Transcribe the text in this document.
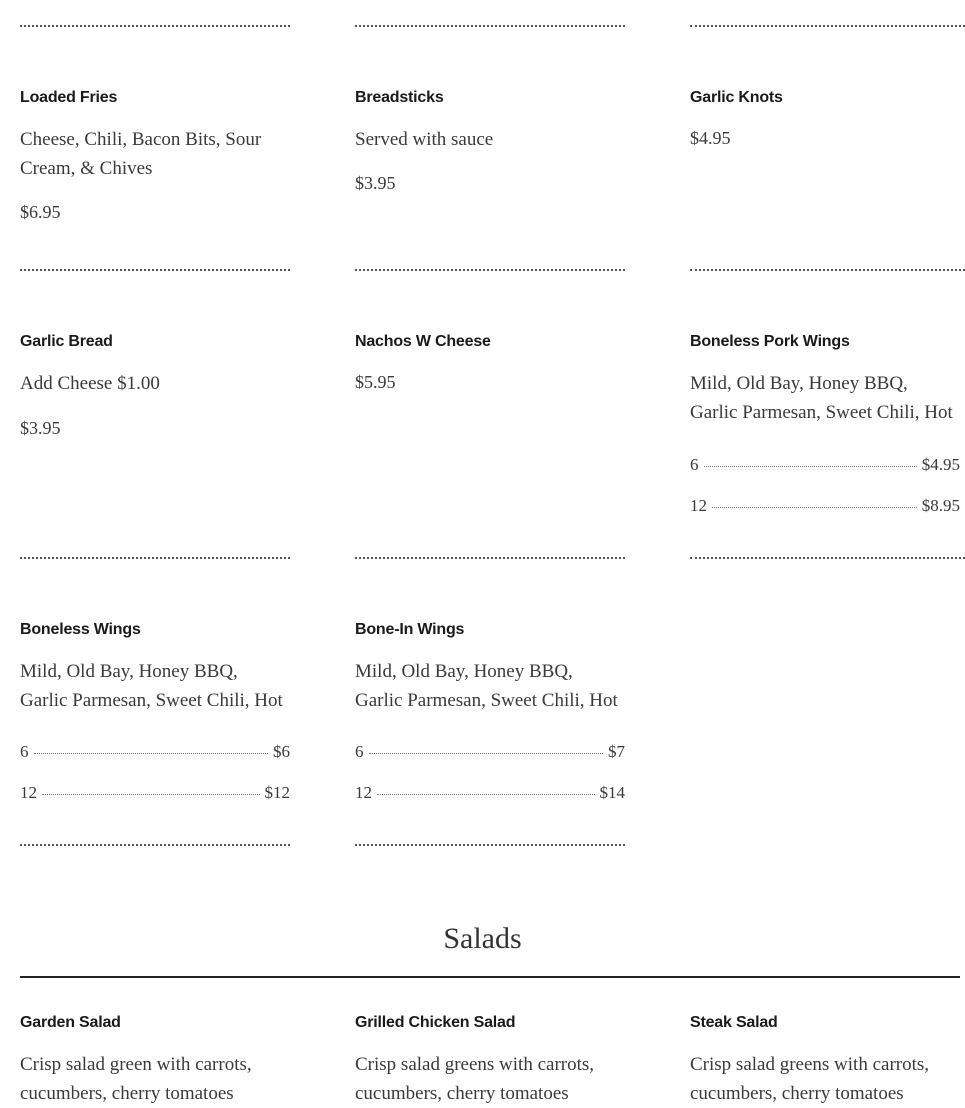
Loaded Fries

Cheese, Chili, Bacon Bits, Sour Cream, & Chives

$6.95

Breadsticks

Served with sauce

$3.95

Garlic Knots

$4.95

Garlic Bread

Add Cheese $1.00

$3.95

Nachos W Cheese

$5.95

Boneless Pork Wings

Mild, Old Bay, Honey BBQ, Garlic Parmesan, Sweet Chili, Hot

6	$4.95
12	$8.95
Boneless Wings

Mild, Old Bay, Honey BBQ, Garlic Parmesan, Sweet Chili, Hot

6	$6
12	$12
Bone-In Wings

Mild, Old Bay, Honey BBQ, Garlic Parmesan, Sweet Chili, Hot

6	$7
12	$14
Salads
Garden Salad

Crisp salad green with carrots, cucumbers, cherry tomatoes

Grilled Chicken Salad

Crisp salad greens with carrots, cucumbers, cherry tomatoes

Steak Salad

Crisp salad greens with carrots, cucumbers, cherry tomatoes
